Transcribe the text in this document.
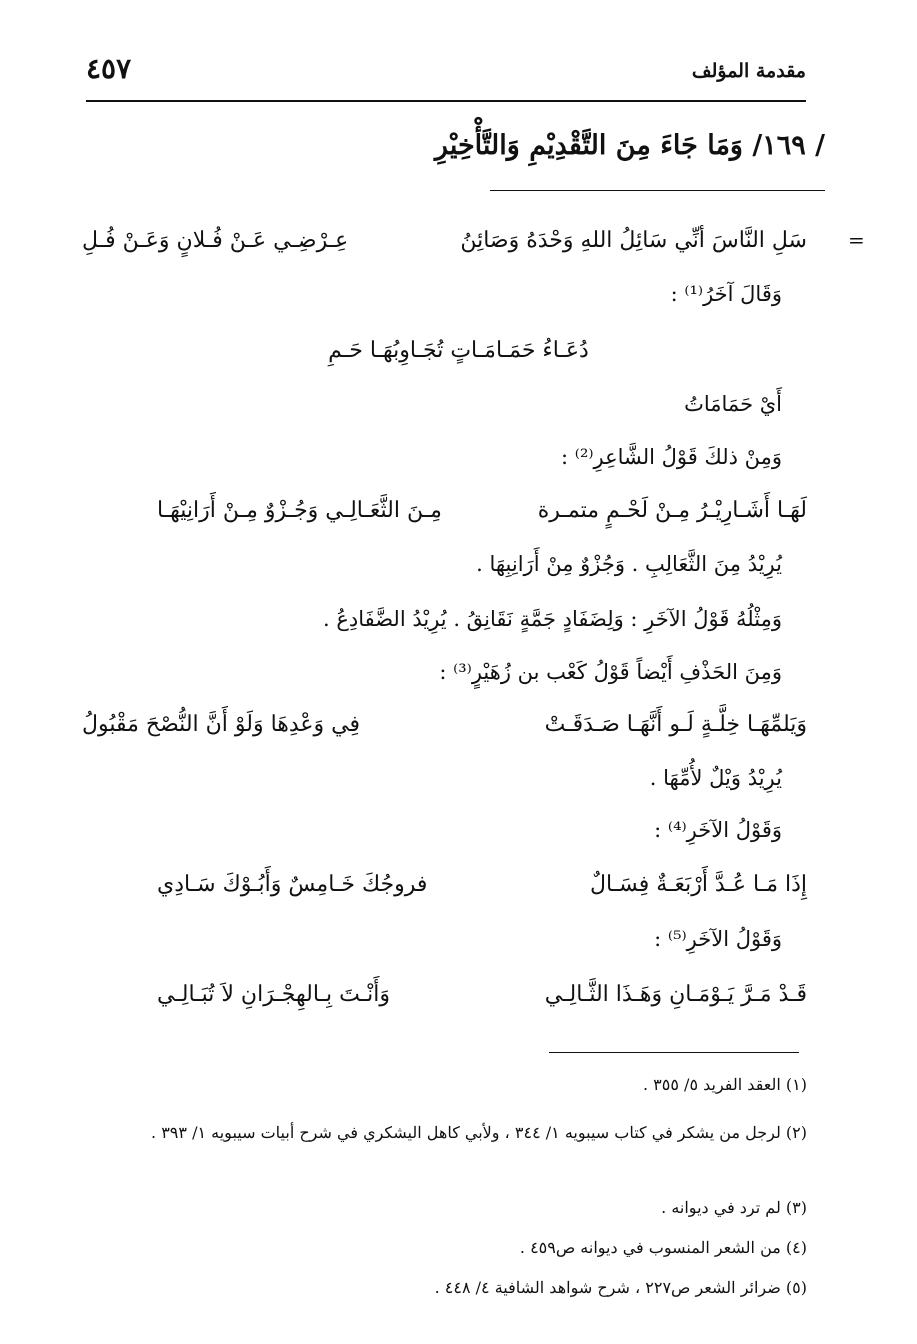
مقدمة المؤلف
٤٥٧
/ ١٦٩/ وَمَا جَاءَ مِنَ التَّقْدِيْمِ وَالتَّأْخِيْرِ
=
سَلِ النَّاسَ أنِّي سَائِلُ اللهِ وَحْدَهُ وَصَائِنُ
عِـرْضِـي عَـنْ فُـلانٍ وَعَـنْ فُـلِ
وَقَالَ آخَرُ⁽¹⁾ :
دُعَـاءُ حَمَـامَـاتٍ تُجَـاوِبُهَـا حَـمِ
أَيْ حَمَامَاتُ
وَمِنْ ذلكَ قَوْلُ الشَّاعِرِ⁽²⁾ :
لَهَـا أَشَـارِيْـرُ مِـنْ لَحْـمٍ متمـرة
مِـنَ الثَّعَـالِـي وَجُـزْوٌ مِـنْ أَرَانِيْهَـا
يُرِيْدُ مِنَ الثَّعَالِبِ . وَجُزْوٌ مِنْ أَرَانِبِهَا .
وَمِثْلُهُ قَوْلُ الآخَرِ : وَلِضَفَادٍ جَمَّةٍ نَقَانِقُ . يُرِيْدُ الضَّفَادِعُ .
وَمِنَ الحَذْفِ أَيْضاً قَوْلُ كَعْب بن زُهَيْرٍ⁽³⁾ :
وَيَلمِّهَـا خِلَّـةٍ لَـو أَنَّهَـا صَـدَقَـتْ
فِي وَعْدِهَا وَلَوْ أَنَّ النُّصْحَ مَقْبُولُ
يُرِيْدُ وَيْلٌ لأُمِّهَا .
وَقَوْلُ الآخَرِ⁽⁴⁾ :
إِذَا مَـا عُـدَّ أَرْبَعَـةٌ فِسَـالٌ
فروجُكَ خَـامِسٌ وَأَبُـوْكَ سَـادِي
وَقَوْلُ الآخَرِ⁽⁵⁾ :
قَـدْ مَـرَّ يَـوْمَـانِ وَهَـذَا الثَّـالِـي
وَأَنْـتَ بِـالهِجْـرَانِ لاَ تُبَـالِـي
(١) العقد الفريد ٥/ ٣٥٥ .
(٢) لرجل من يشكر في كتاب سيبويه ١/ ٣٤٤ ، ولأبي كاهل اليشكري في شرح أبيات سيبويه ١/ ٣٩٣ .
(٣) لم ترد في ديوانه .
(٤) من الشعر المنسوب في ديوانه ص٤٥٩ .
(٥) ضرائر الشعر ص٢٢٧ ، شرح شواهد الشافية ٤/ ٤٤٨ .
